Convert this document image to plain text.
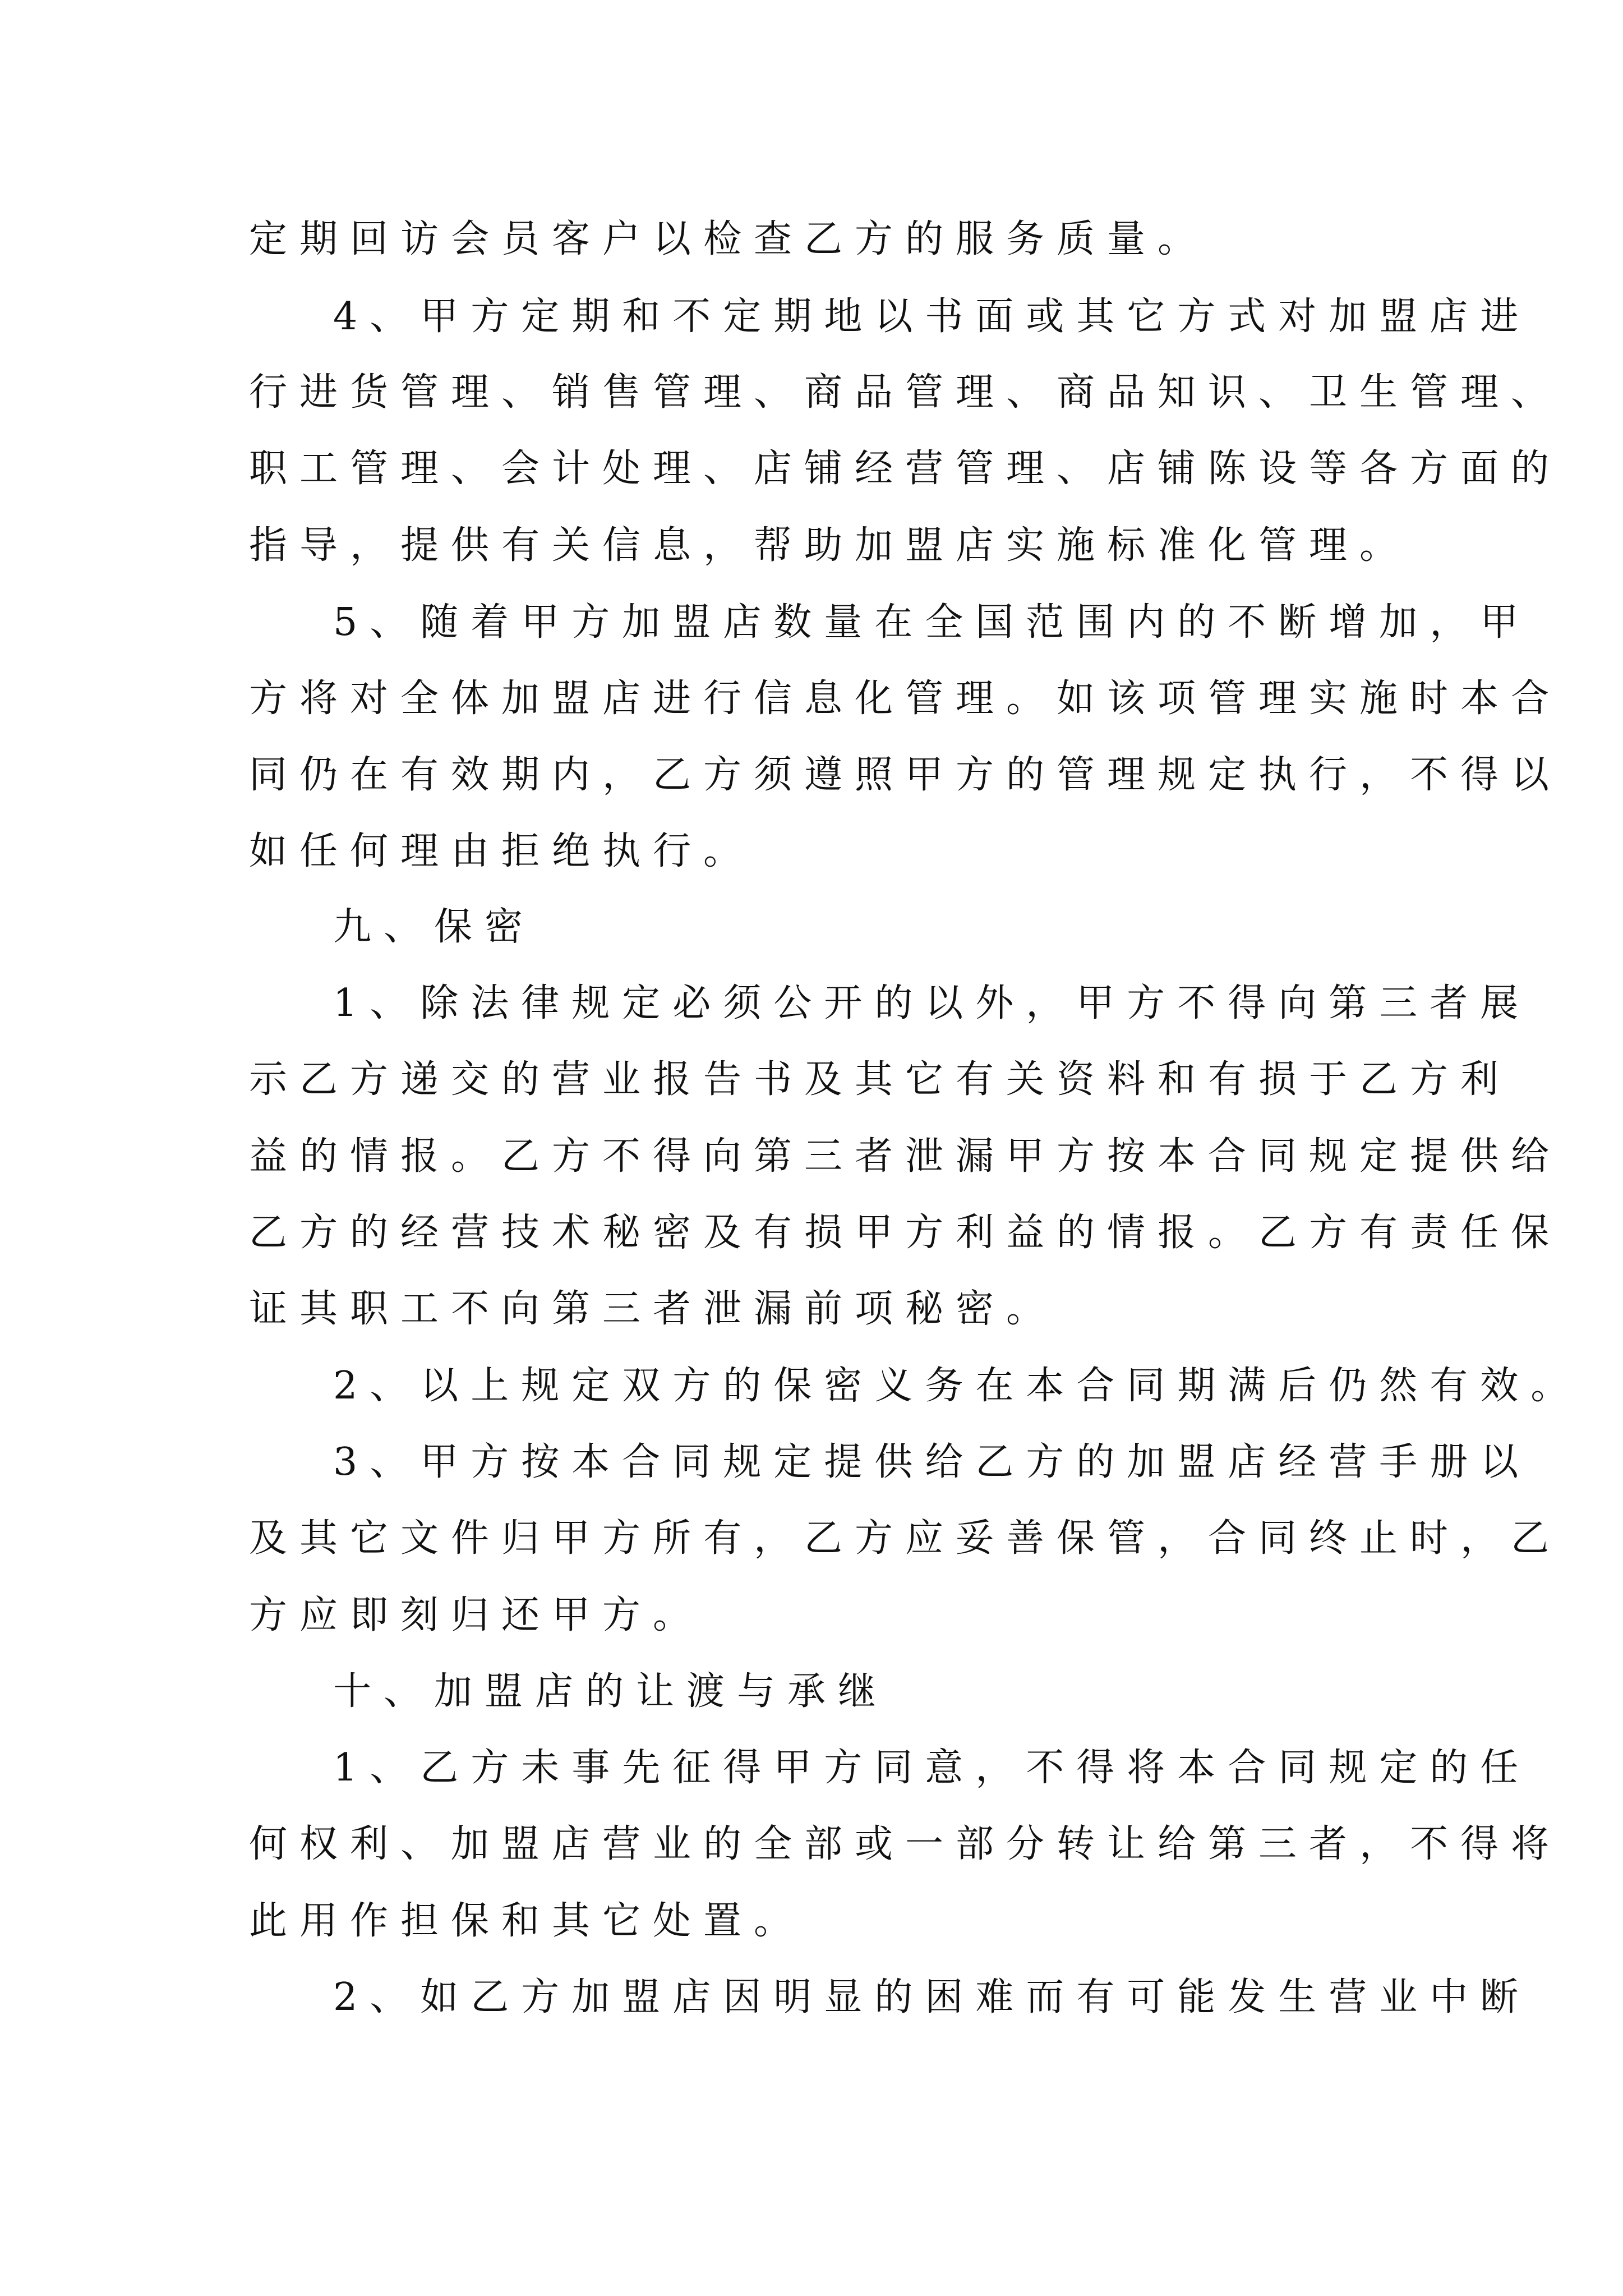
定期回访会员客户以检查乙方的服务质量。

4、甲方定期和不定期地以书面或其它方式对加盟店进

行进货管理、销售管理、商品管理、商品知识、卫生管理、

职工管理、会计处理、店铺经营管理、店铺陈设等各方面的

指导，提供有关信息，帮助加盟店实施标准化管理。

5、随着甲方加盟店数量在全国范围内的不断增加，甲

方将对全体加盟店进行信息化管理。如该项管理实施时本合

同仍在有效期内，乙方须遵照甲方的管理规定执行，不得以

如任何理由拒绝执行。

九、保密

1、除法律规定必须公开的以外，甲方不得向第三者展

示乙方递交的营业报告书及其它有关资料和有损于乙方利

益的情报。乙方不得向第三者泄漏甲方按本合同规定提供给

乙方的经营技术秘密及有损甲方利益的情报。乙方有责任保

证其职工不向第三者泄漏前项秘密。

2、以上规定双方的保密义务在本合同期满后仍然有效。

3、甲方按本合同规定提供给乙方的加盟店经营手册以

及其它文件归甲方所有，乙方应妥善保管，合同终止时，乙

方应即刻归还甲方。

十、加盟店的让渡与承继

1、乙方未事先征得甲方同意，不得将本合同规定的任

何权利、加盟店营业的全部或一部分转让给第三者，不得将

此用作担保和其它处置。

2、如乙方加盟店因明显的困难而有可能发生营业中断
